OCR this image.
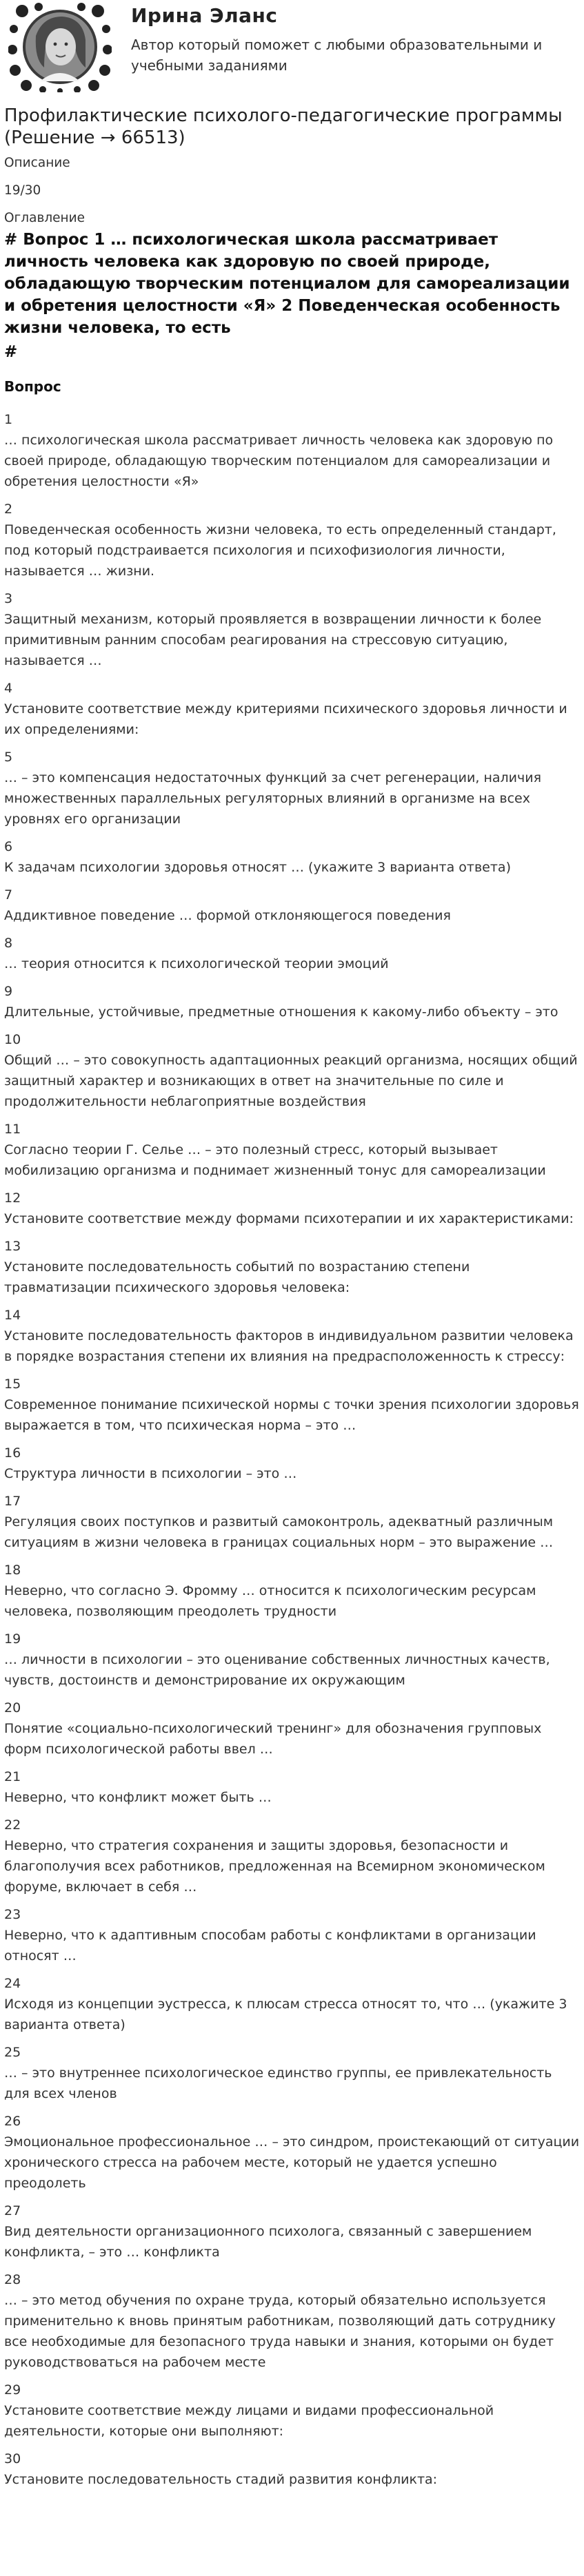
Ирина Эланс
Автор который поможет с любыми образовательными и учебными заданиями
Профилактические психолого-педагогические программы (Решение → 66513)
Описание
19/30
Оглавление
# Вопрос 1 … психологическая школа рассматривает личность человека как здоровую по своей природе, обладающую творческим потенциалом для самореализации и обретения целостности «Я» 2 Поведенческая особенность жизни человека, то есть
#
Вопрос
1
… психологическая школа рассматривает личность человека как здоровую по своей природе, обладающую творческим потенциалом для самореализации и обретения целостности «Я»
2
Поведенческая особенность жизни человека, то есть определенный стандарт, под который подстраивается психология и психофизиология личности, называется … жизни.
3
Защитный механизм, который проявляется в возвращении личности к более примитивным ранним способам реагирования на стрессовую ситуацию, называется …
4
Установите соответствие между критериями психического здоровья личности и их определениями:
5
… – это компенсация недостаточных функций за счет регенерации, наличия множественных параллельных регуляторных влияний в организме на всех уровнях его организации
6
К задачам психологии здоровья относят … (укажите 3 варианта ответа)
7
Аддиктивное поведение … формой отклоняющегося поведения
8
… теория относится к психологической теории эмоций
9
Длительные, устойчивые, предметные отношения к какому-либо объекту – это
10
Общий … – это совокупность адаптационных реакций организма, носящих общий защитный характер и возникающих в ответ на значительные по силе и продолжительности неблагоприятные воздействия
11
Согласно теории Г. Селье … – это полезный стресс, который вызывает мобилизацию организма и поднимает жизненный тонус для самореализации
12
Установите соответствие между формами психотерапии и их характеристиками:
13
Установите последовательность событий по возрастанию степени травматизации психического здоровья человека:
14
Установите последовательность факторов в индивидуальном развитии человека в порядке возрастания степени их влияния на предрасположенность к стрессу:
15
Современное понимание психической нормы с точки зрения психологии здоровья выражается в том, что психическая норма – это …
16
Структура личности в психологии – это …
17
Регуляция своих поступков и развитый самоконтроль, адекватный различным ситуациям в жизни человека в границах социальных норм – это выражение …
18
Неверно, что согласно Э. Фромму … относится к психологическим ресурсам человека, позволяющим преодолеть трудности
19
… личности в психологии – это оценивание собственных личностных качеств, чувств, достоинств и демонстрирование их окружающим
20
Понятие «социально-психологический тренинг» для обозначения групповых форм психологической работы ввел …
21
Неверно, что конфликт может быть …
22
Неверно, что стратегия сохранения и защиты здоровья, безопасности и благополучия всех работников, предложенная на Всемирном экономическом форуме, включает в себя …
23
Неверно, что к адаптивным способам работы с конфликтами в организации относят …
24
Исходя из концепции эустресса, к плюсам стресса относят то, что … (укажите 3 варианта ответа)
25
… – это внутреннее психологическое единство группы, ее привлекательность для всех членов
26
Эмоциональное профессиональное … – это синдром, проистекающий от ситуации хронического стресса на рабочем месте, который не удается успешно преодолеть
27
Вид деятельности организационного психолога, связанный с завершением конфликта, – это … конфликта
28
… – это метод обучения по охране труда, который обязательно используется применительно к вновь принятым работникам, позволяющий дать сотруднику все необходимые для безопасного труда навыки и знания, которыми он будет руководствоваться на рабочем месте
29
Установите соответствие между лицами и видами профессиональной деятельности, которые они выполняют:
30
Установите последовательность стадий развития конфликта:
